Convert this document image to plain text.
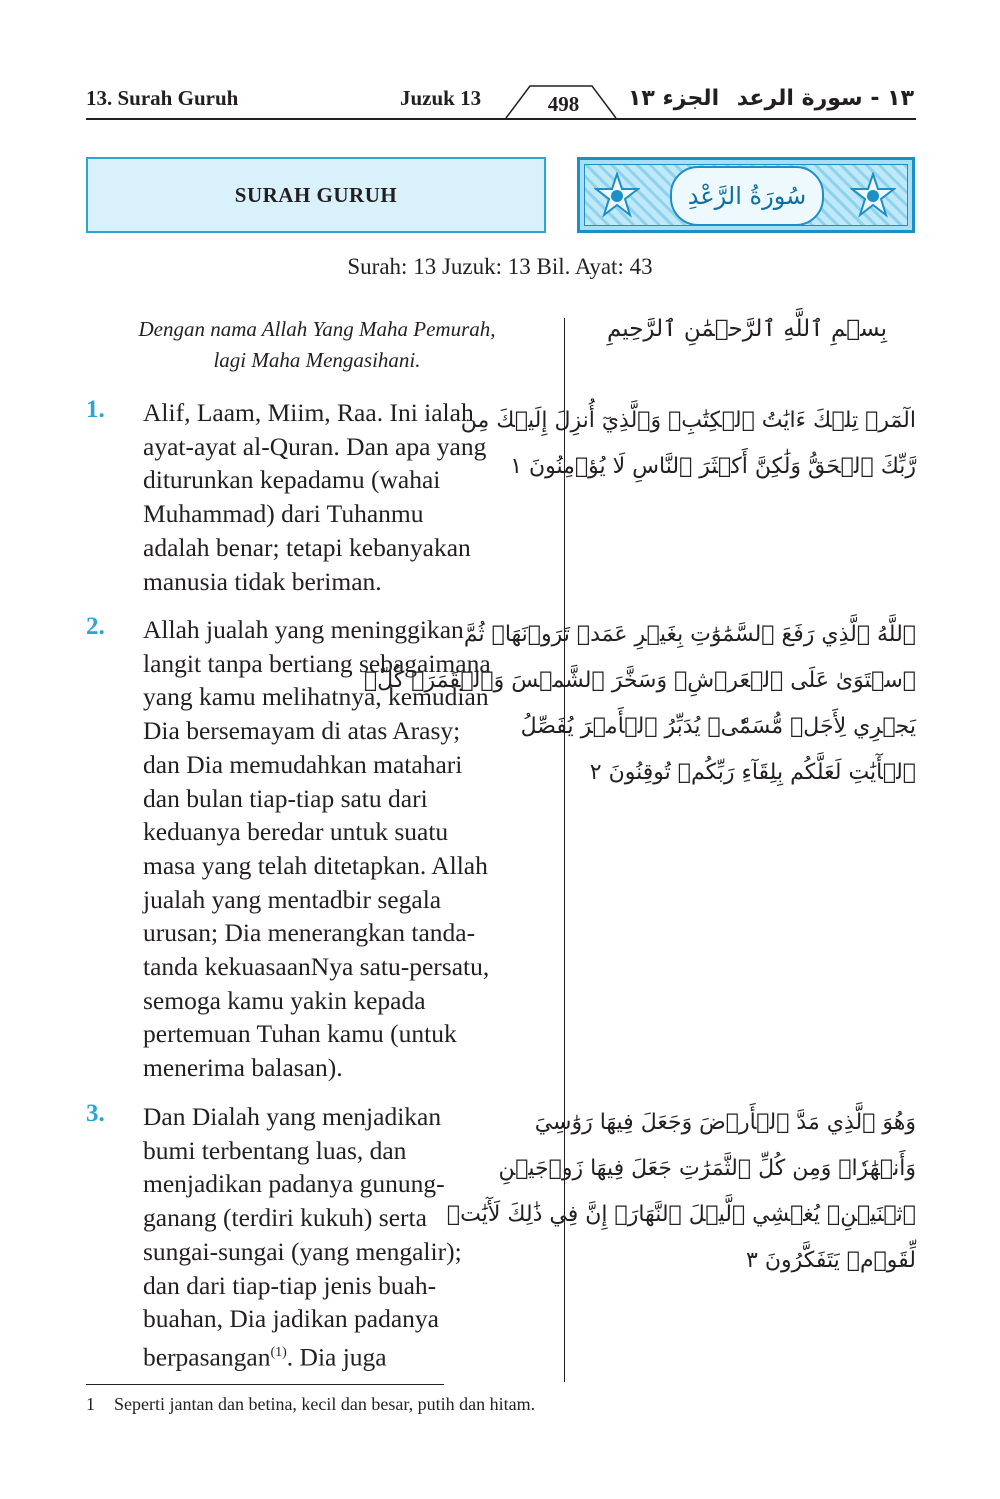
13. Surah Guruh	Juzuk 13	498	الجزء ١٣ ١٣ - سورة الرعد
SURAH GURUH	سُورَةُ الرَّعْدِ
Surah: 13 Juzuk: 13 Bil. Ayat: 43
Dengan nama Allah Yang Maha Pemurah,
lagi Maha Mengasihani.
بِسۡمِ ٱللَّهِ ٱلرَّحۡمَٰنِ ٱلرَّحِيمِ
1. Alif, Laam, Miim, Raa. Ini ialah

ayat-ayat al-Quran. Dan apa yang

diturunkan kepadamu (wahai

Muhammad) dari Tuhanmu

adalah benar; tetapi kebanyakan

manusia tidak beriman.

الٓمٓرۚ تِلۡكَ ءَايَٰتُ ٱلۡكِتَٰبِۗ وَٱلَّذِيٓ أُنزِلَ إِلَيۡكَ مِن

رَّبِّكَ ٱلۡحَقُّ وَلَٰكِنَّ أَكۡثَرَ ٱلنَّاسِ لَا يُؤۡمِنُونَ ١

2. Allah jualah yang meninggikan

langit tanpa bertiang sebagaimana

yang kamu melihatnya, kemudian

Dia bersemayam di atas Arasy;

dan Dia memudahkan matahari

dan bulan tiap-tiap satu dari

keduanya beredar untuk suatu

masa yang telah ditetapkan. Allah

jualah yang mentadbir segala

urusan; Dia menerangkan tanda-

tanda kekuasaanNya satu-persatu,

semoga kamu yakin kepada

pertemuan Tuhan kamu (untuk

menerima balasan).

ٱللَّهُ ٱلَّذِي رَفَعَ ٱلسَّمَٰوَٰتِ بِغَيۡرِ عَمَدٖ تَرَوۡنَهَاۖ ثُمَّ

ٱسۡتَوَىٰ عَلَى ٱلۡعَرۡشِۖ وَسَخَّرَ ٱلشَّمۡسَ وَٱلۡقَمَرَۖ كُلّٞ

يَجۡرِي لِأَجَلٖ مُّسَمّٗىۚ يُدَبِّرُ ٱلۡأَمۡرَ يُفَصِّلُ

ٱلۡأٓيَٰتِ لَعَلَّكُم بِلِقَآءِ رَبِّكُمۡ تُوقِنُونَ ٢

3. Dan Dialah yang menjadikan

bumi terbentang luas, dan

menjadikan padanya gunung-

ganang (terdiri kukuh) serta

sungai-sungai (yang mengalir);

dan dari tiap-tiap jenis buah-

buahan, Dia jadikan padanya

berpasangan$^{(1)}$. Dia juga

وَهُوَ ٱلَّذِي مَدَّ ٱلۡأَرۡضَ وَجَعَلَ فِيهَا رَوَٰسِيَ

وَأَنۡهَٰرٗاۖ وَمِن كُلِّ ٱلثَّمَرَٰتِ جَعَلَ فِيهَا زَوۡجَيۡنِ

ٱثۡنَيۡنِۖ يُغۡشِي ٱلَّيۡلَ ٱلنَّهَارَۚ إِنَّ فِي ذَٰلِكَ لَأٓيَٰتٖ

لِّقَوۡمٖ يَتَفَكَّرُونَ ٣

1 Seperti jantan dan betina, kecil dan besar, putih dan hitam.
